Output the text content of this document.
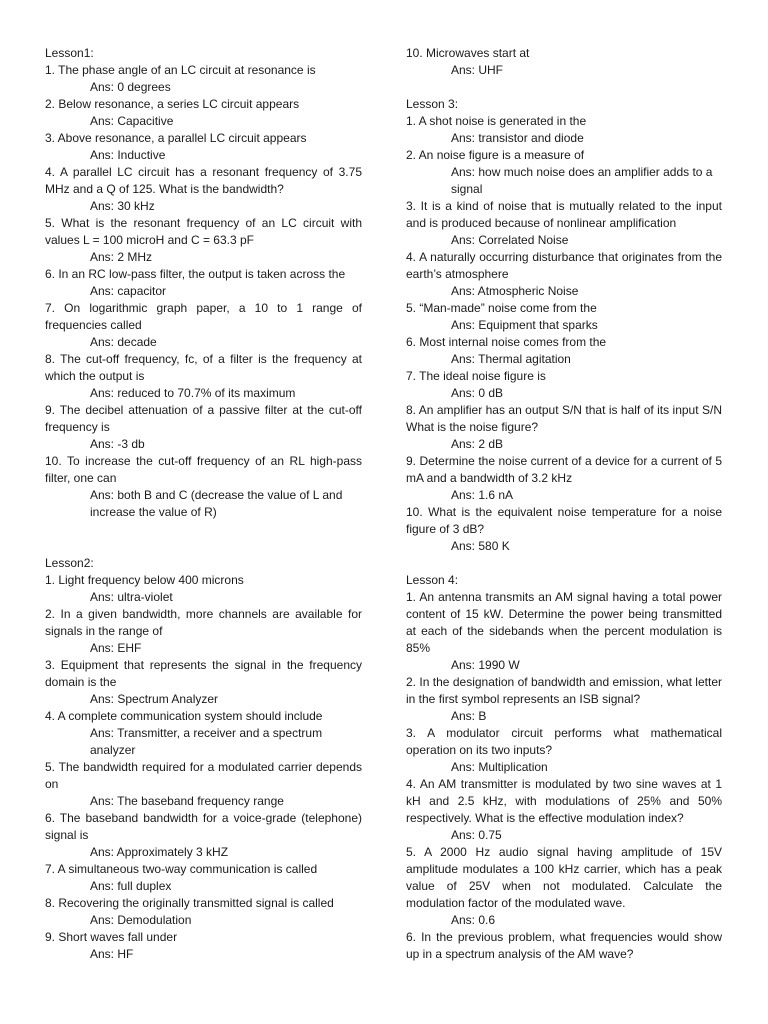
Lesson1:

1. The phase angle of an LC circuit at resonance is
Ans: 0 degrees
2. Below resonance, a series LC circuit appears
Ans: Capacitive
3. Above resonance, a parallel LC circuit appears
Ans: Inductive
4. A parallel LC circuit has a resonant frequency of 3.75 MHz and a Q of 125. What is the bandwidth?
Ans: 30 kHz
5. What is the resonant frequency of an LC circuit with values L = 100 microH and C = 63.3 pF
Ans: 2 MHz
6. In an RC low-pass filter, the output is taken across the
Ans: capacitor
7. On logarithmic graph paper, a 10 to 1 range of frequencies called
Ans: decade
8. The cut-off frequency, fc, of a filter is the frequency at which the output is
Ans: reduced to 70.7% of its maximum
9. The decibel attenuation of a passive filter at the cut-off frequency is
Ans: -3 db
10. To increase the cut-off frequency of an RL high-pass filter, one can
Ans: both B and C (decrease the value of L and increase the value of R)

Lesson2:

1. Light frequency below 400 microns
Ans: ultra-violet
2. In a given bandwidth, more channels are available for signals in the range of
Ans: EHF
3. Equipment that represents the signal in the frequency domain is the
Ans: Spectrum Analyzer
4. A complete communication system should include
Ans: Transmitter, a receiver and a spectrum analyzer
5. The bandwidth required for a modulated carrier depends on
Ans: The baseband frequency range
6. The baseband bandwidth for a voice-grade (telephone) signal is
Ans: Approximately 3 kHZ
7. A simultaneous two-way communication is called
Ans: full duplex
8. Recovering the originally transmitted signal is called
Ans: Demodulation
9. Short waves fall under
Ans: HF
10. Microwaves start at
Ans: UHF

Lesson 3:

1. A shot noise is generated in the
Ans: transistor and diode
2. An noise figure is a measure of
Ans: how much noise does an amplifier adds to a signal
3. It is a kind of noise that is mutually related to the input and is produced because of nonlinear amplification
Ans: Correlated Noise
4. A naturally occurring disturbance that originates from the earth’s atmosphere
Ans: Atmospheric Noise
5. “Man-made” noise come from the
Ans: Equipment that sparks
6. Most internal noise comes from the
Ans: Thermal agitation
7. The ideal noise figure is
Ans: 0 dB
8. An amplifier has an output S/N that is half of its input S/N What is the noise figure?
Ans: 2 dB
9. Determine the noise current of a device for a current of 5 mA and a bandwidth of 3.2 kHz
Ans: 1.6 nA
10. What is the equivalent noise temperature for a noise figure of 3 dB?
Ans: 580 K

Lesson 4:

1. An antenna transmits an AM signal having a total power content of 15 kW. Determine the power being transmitted at each of the sidebands when the percent modulation is 85%
Ans: 1990 W
2. In the designation of bandwidth and emission, what letter in the first symbol represents an ISB signal?
Ans: B
3. A modulator circuit performs what mathematical operation on its two inputs?
Ans: Multiplication
4. An AM transmitter is modulated by two sine waves at 1 kH and 2.5 kHz, with modulations of 25% and 50% respectively. What is the effective modulation index?
Ans: 0.75
5. A 2000 Hz audio signal having amplitude of 15V amplitude modulates a 100 kHz carrier, which has a peak value of 25V when not modulated. Calculate the modulation factor of the modulated wave.
Ans: 0.6
6. In the previous problem, what frequencies would show up in a spectrum analysis of the AM wave?
